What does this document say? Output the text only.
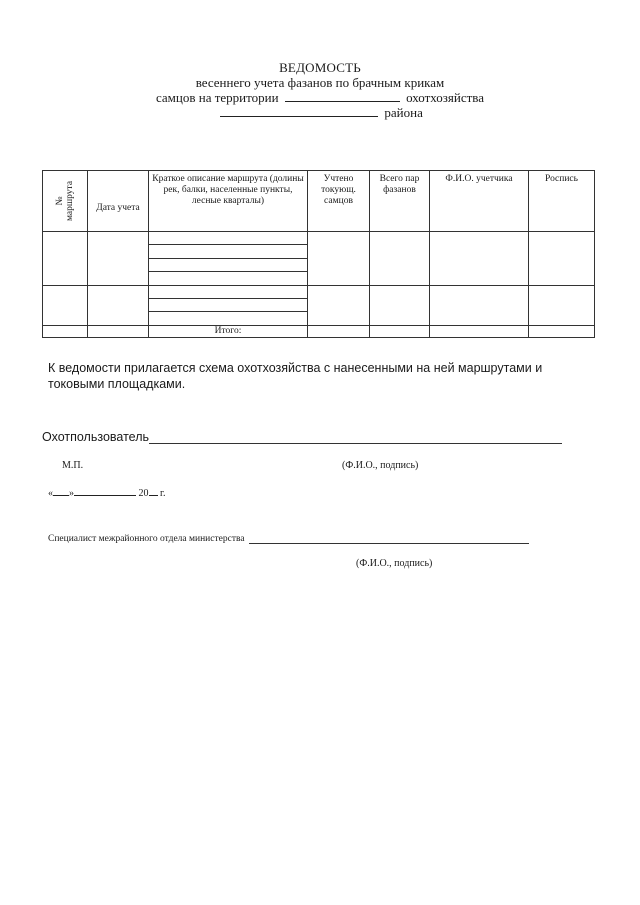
ВЕДОМОСТЬ
весеннего учета фазанов по брачным крикам
самцов на территории	охотхозяйства
района
№
маршрута	Дата учета	Краткое описание маршрута (долины рек, балки, населенные пункты, лесные кварталы)	Учтено токующ. самцов	Всего пар фазанов	Ф.И.О. учетчика	Роспись

		Итого:				
К ведомости прилагается схема охотхозяйства с нанесенными на ней маршрутами и токовыми площадками.
Охотпользователь
М.П.	(Ф.И.О., подпись)
« »	20 г.
Специалист межрайонного отдела министерства
(Ф.И.О., подпись)
